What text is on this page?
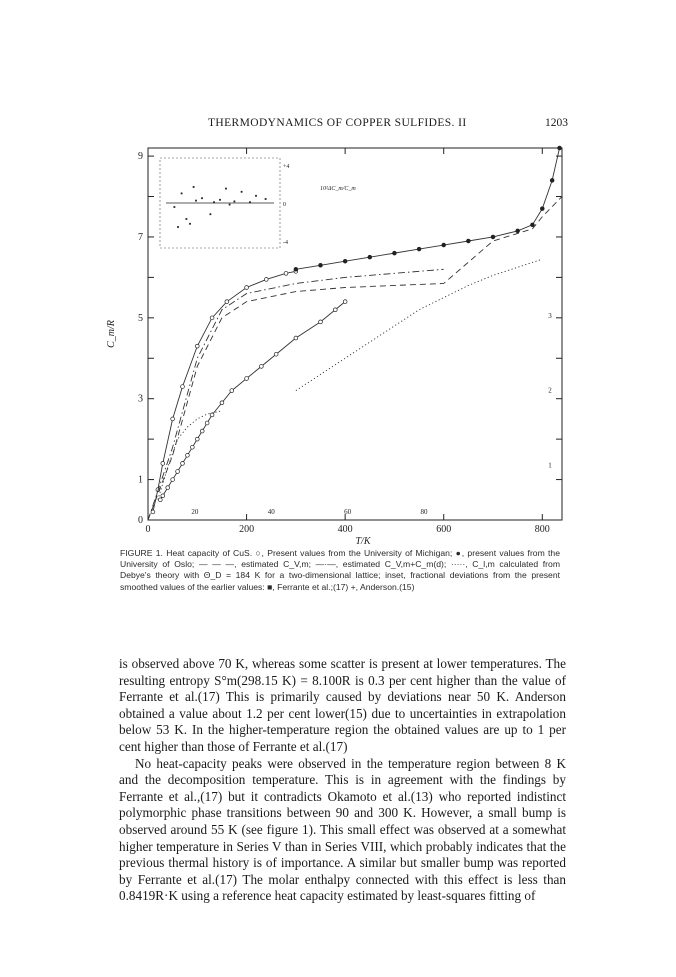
THERMODYNAMICS OF COPPER SULFIDES. II	1203
0	200	400	600	800
0
1
3
5
7
9
T/K
C_m/R
20	40	60	80
1
2
3
+4
0
-4
10²ΔC_m/C_m
FIGURE 1. Heat capacity of CuS. ○, Present values from the University of Michigan; ●, present values from the University of Oslo; — — —, estimated C_V,m; —·—, estimated C_V,m+C_m(d); ·····, C_l,m calculated from Debye's theory with Θ_D = 184 K for a two-dimensional lattice; inset, fractional deviations from the present smoothed values of the earlier values: ■, Ferrante et al.;(17) +, Anderson.(15)

is observed above 70 K, whereas some scatter is present at lower temperatures. The resulting entropy S°m(298.15 K) = 8.100R is 0.3 per cent higher than the value of Ferrante et al.(17) This is primarily caused by deviations near 50 K. Anderson obtained a value about 1.2 per cent lower(15) due to uncertainties in extrapolation below 53 K. In the higher-temperature region the obtained values are up to 1 per cent higher than those of Ferrante et al.(17)

No heat-capacity peaks were observed in the temperature region between 8 K and the decomposition temperature. This is in agreement with the findings by Ferrante et al.,(17) but it contradicts Okamoto et al.(13) who reported indistinct polymorphic phase transitions between 90 and 300 K. However, a small bump is observed around 55 K (see figure 1). This small effect was observed at a somewhat higher temperature in Series V than in Series VIII, which probably indicates that the previous thermal history is of importance. A similar but smaller bump was reported by Ferrante et al.(17) The molar enthalpy connected with this effect is less than 0.8419R·K using a reference heat capacity estimated by least-squares fitting of
